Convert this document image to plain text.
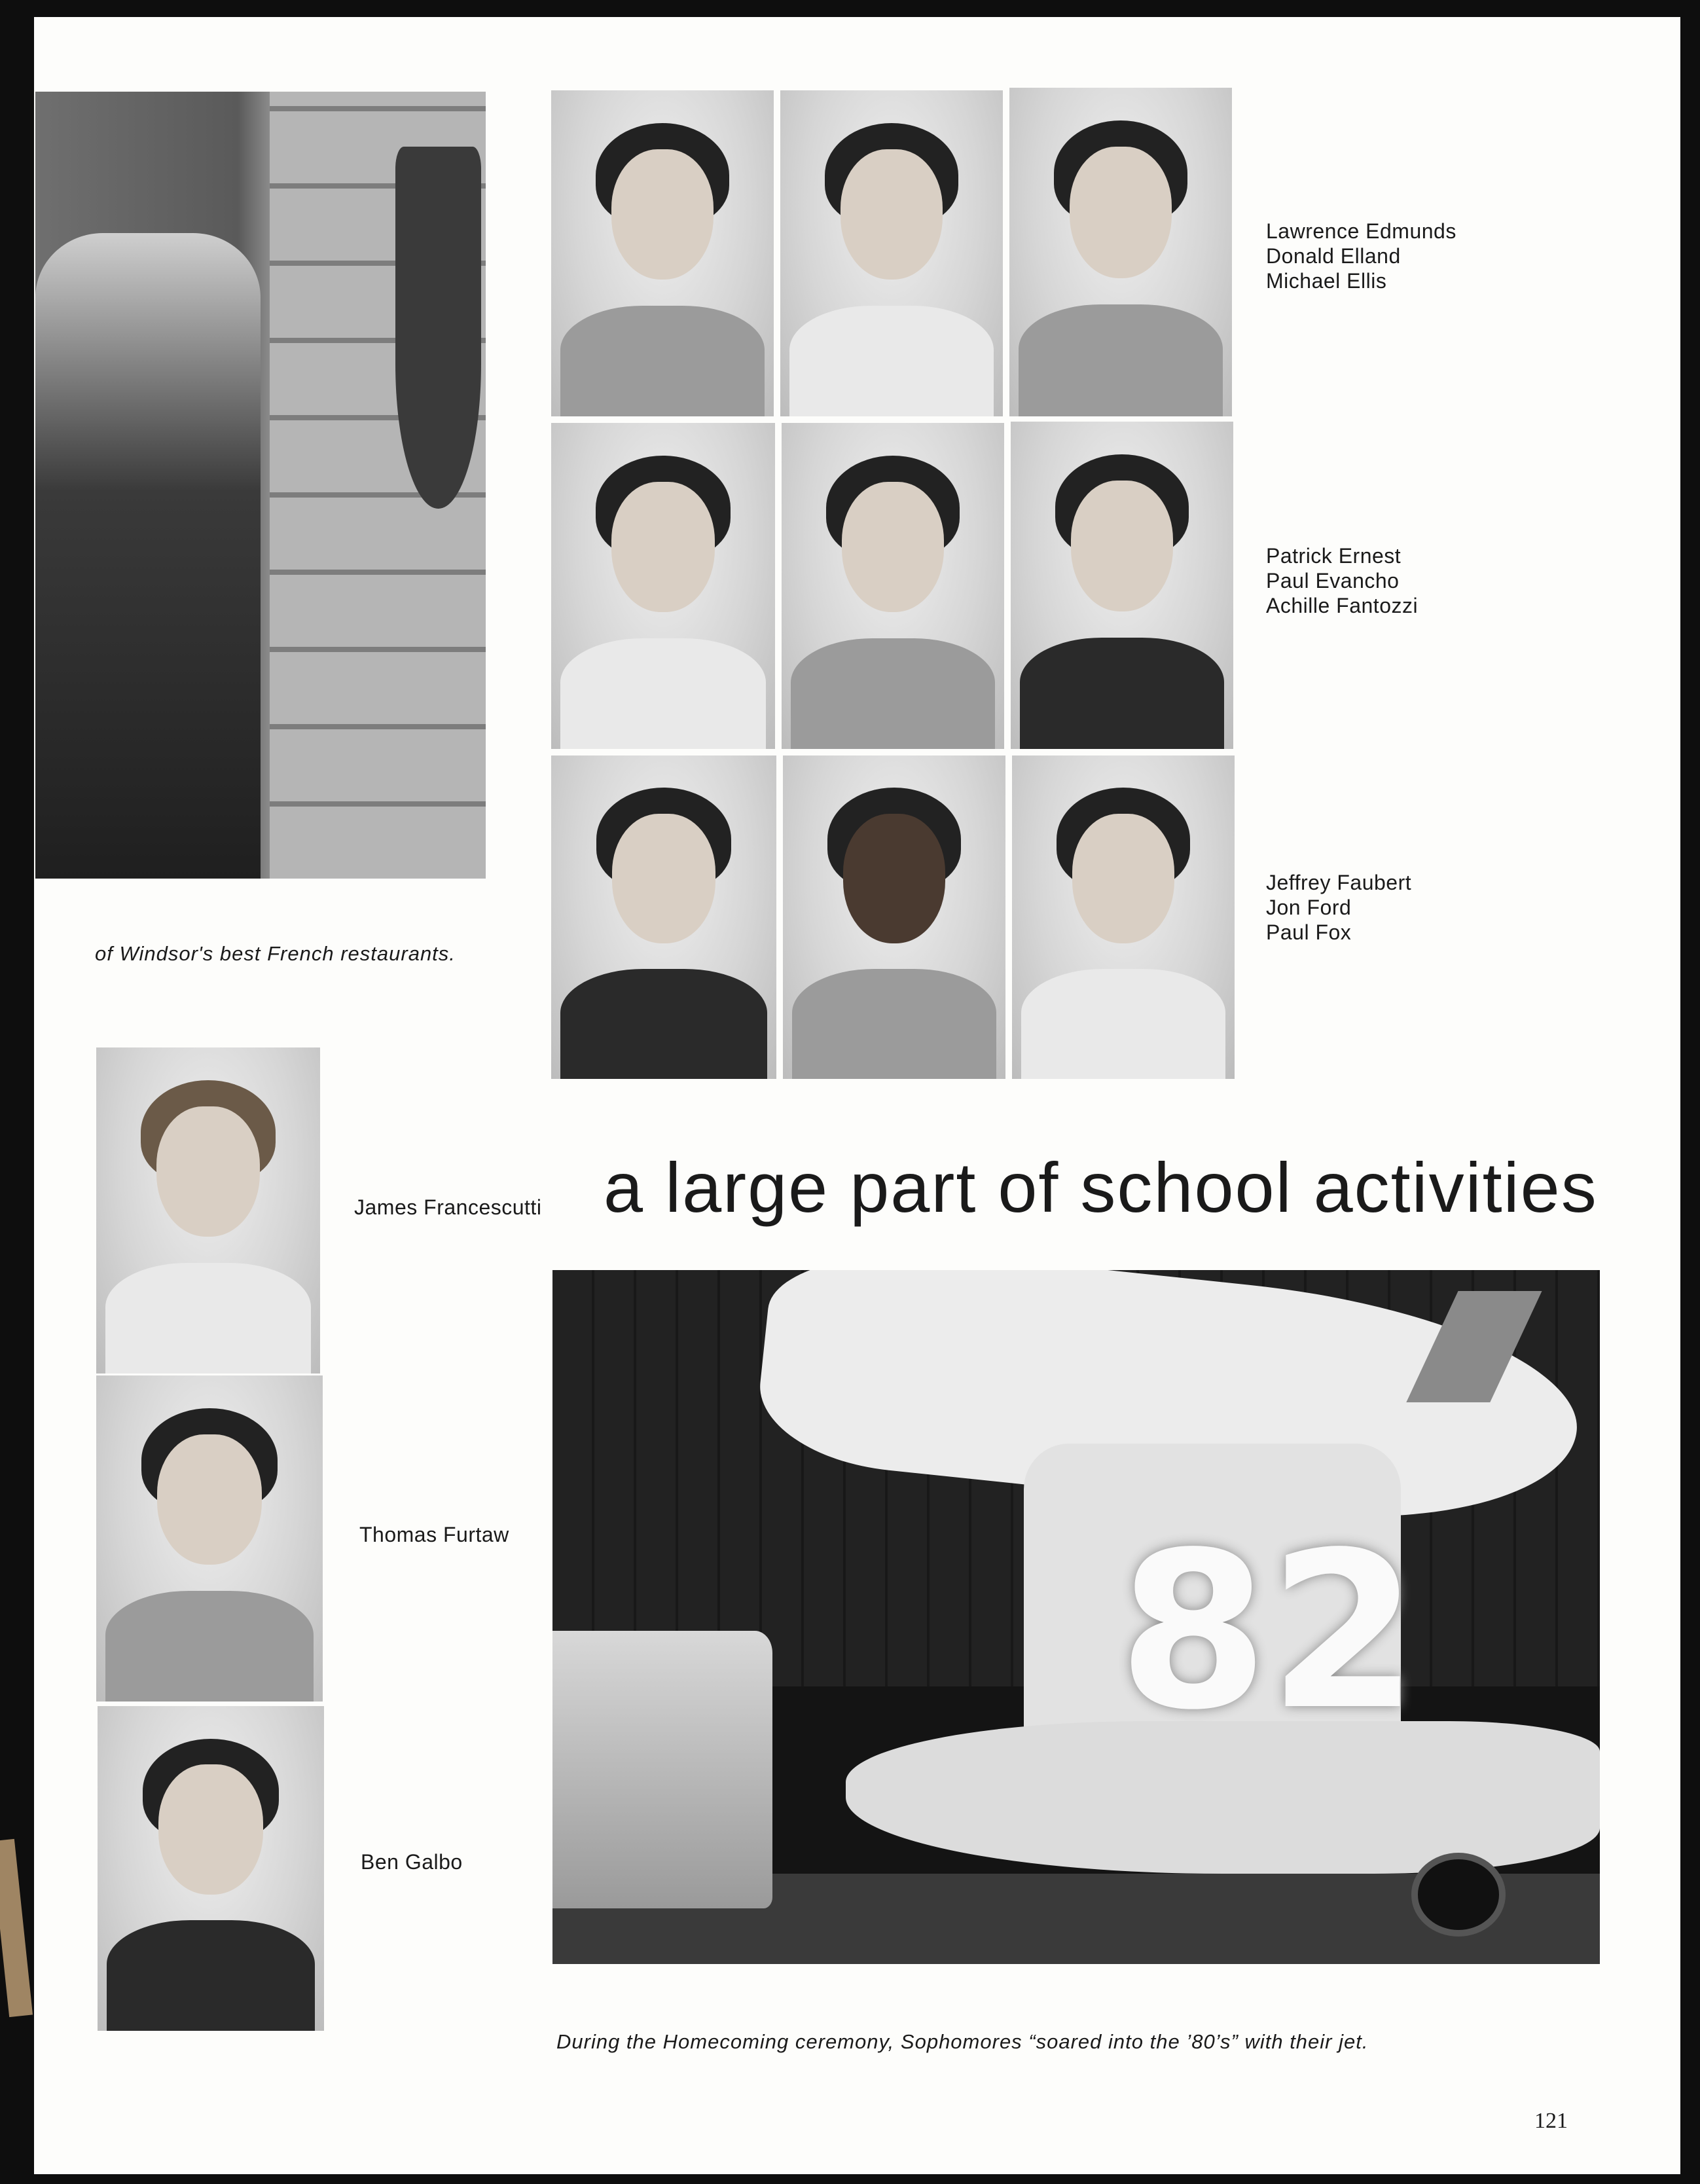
of Windsor's best French restaurants.
Lawrence Edmunds
Donald Elland
Michael Ellis
Patrick Ernest
Paul Evancho
Achille Fantozzi
Jeffrey Faubert
Jon Ford
Paul Fox
James Francescutti
Thomas Furtaw
Ben Galbo
a large part of school activities
82
During the Homecoming ceremony, Sophomores “soared into the ’80’s” with their jet.
121
